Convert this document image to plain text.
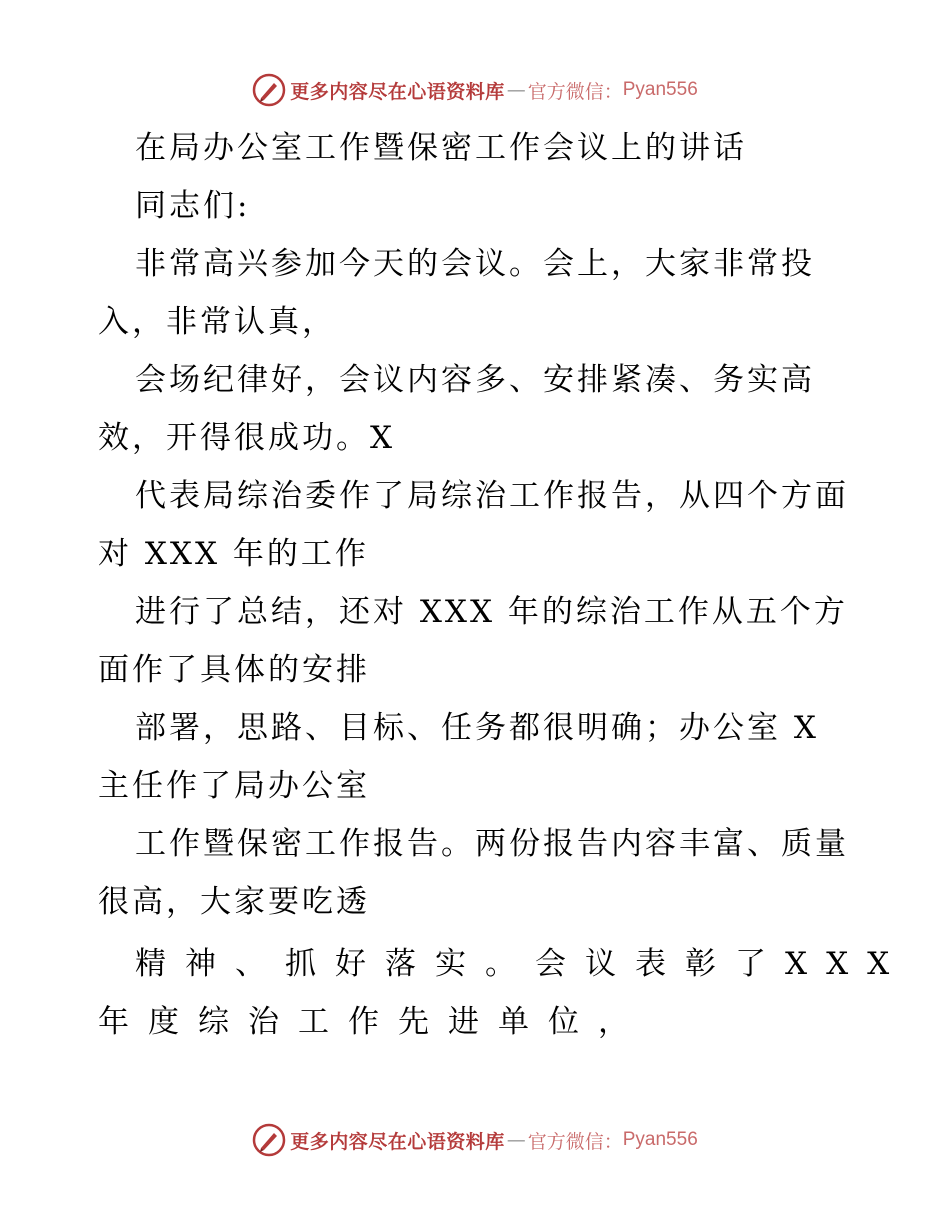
更多内容尽在心语资料库 — 官方微信： Pyan556
在局办公室工作暨保密工作会议上的讲话
同志们:
非常高兴参加今天的会议。会上，大家非常投
入，非常认真，
会场纪律好，会议内容多、安排紧凑、务实高
效，开得很成功。X
代表局综治委作了局综治工作报告，从四个方面
对 XXX 年的工作
进行了总结，还对 XXX 年的综治工作从五个方
面作了具体的安排
部署，思路、目标、任务都很明确；办公室 X
主任作了局办公室
工作暨保密工作报告。两份报告内容丰富、质量
很高，大家要吃透
精神、抓好落实。会议表彰了XXX
年度综治工作先进单位，
更多内容尽在心语资料库 — 官方微信： Pyan556
